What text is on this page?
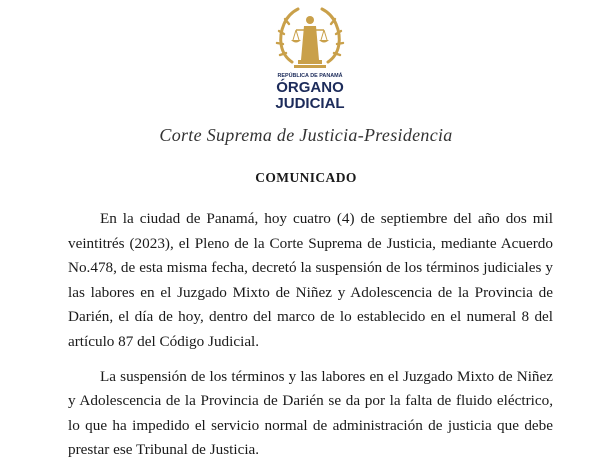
REPÚBLICA DE PANAMÁ
ÓRGANO
JUDICIAL
Corte Suprema de Justicia-Presidencia
COMUNICADO

En la ciudad de Panamá, hoy cuatro (4) de septiembre del año dos mil veintitrés (2023), el Pleno de la Corte Suprema de Justicia, mediante Acuerdo No.478, de esta misma fecha, decretó la suspensión de los términos judiciales y las labores en el Juzgado Mixto de Niñez y Adolescencia de la Provincia de Darién, el día de hoy, dentro del marco de lo establecido en el numeral 8 del artículo 87 del Código Judicial.

La suspensión de los términos y las labores en el Juzgado Mixto de Niñez y Adolescencia de la Provincia de Darién se da por la falta de fluido eléctrico, lo que ha impedido el servicio normal de administración de justicia que debe prestar ese Tribunal de Justicia.
